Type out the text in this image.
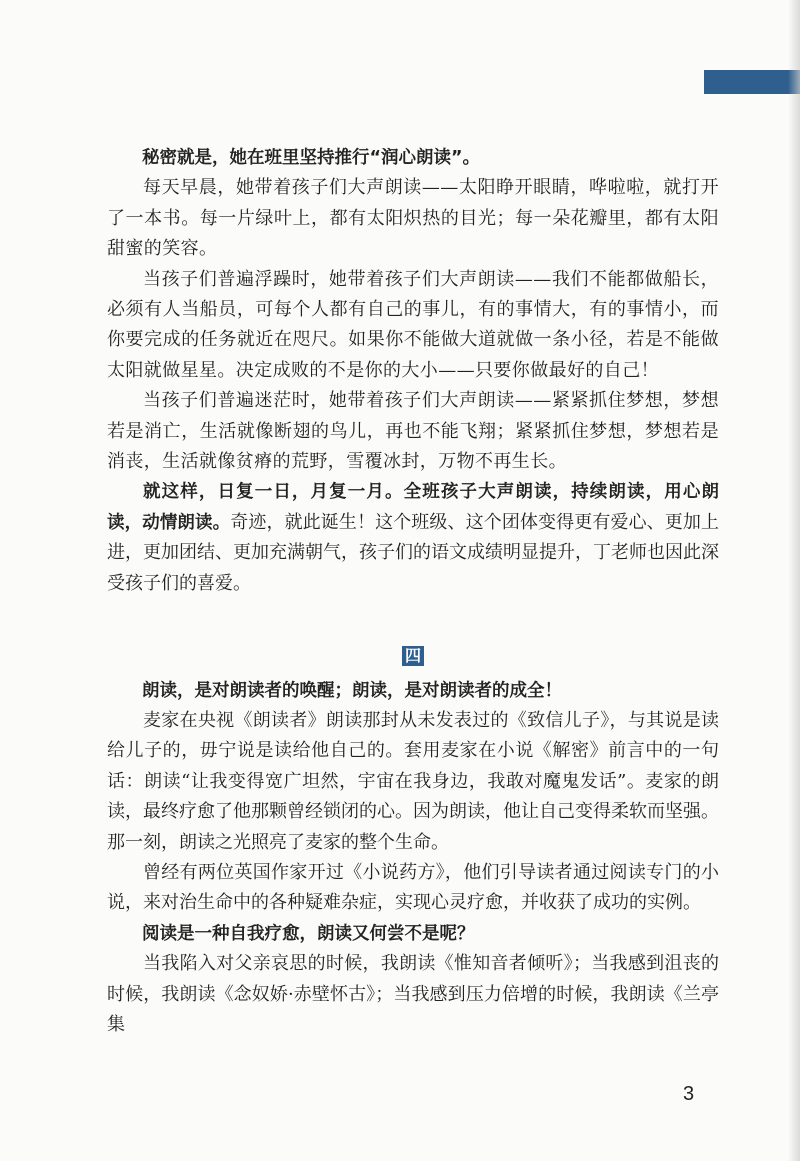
秘密就是，她在班里坚持推行“润心朗读”。

每天早晨，她带着孩子们大声朗读——太阳睁开眼睛，哗啦啦，就打开了一本书。每一片绿叶上，都有太阳炽热的目光；每一朵花瓣里，都有太阳甜蜜的笑容。

当孩子们普遍浮躁时，她带着孩子们大声朗读——我们不能都做船长，必须有人当船员，可每个人都有自己的事儿，有的事情大，有的事情小，而你要完成的任务就近在咫尺。如果你不能做大道就做一条小径，若是不能做太阳就做星星。决定成败的不是你的大小——只要你做最好的自己！

当孩子们普遍迷茫时，她带着孩子们大声朗读——紧紧抓住梦想，梦想若是消亡，生活就像断翅的鸟儿，再也不能飞翔；紧紧抓住梦想，梦想若是消丧，生活就像贫瘠的荒野，雪覆冰封，万物不再生长。

就这样，日复一日，月复一月。全班孩子大声朗读，持续朗读，用心朗读，动情朗读。奇迹，就此诞生！这个班级、这个团体变得更有爱心、更加上进，更加团结、更加充满朝气，孩子们的语文成绩明显提升，丁老师也因此深受孩子们的喜爱。

四

朗读，是对朗读者的唤醒；朗读，是对朗读者的成全！

麦家在央视《朗读者》朗读那封从未发表过的《致信儿子》，与其说是读给儿子的，毋宁说是读给他自己的。套用麦家在小说《解密》前言中的一句话：朗读“让我变得宽广坦然，宇宙在我身边，我敢对魔鬼发话”。麦家的朗读，最终疗愈了他那颗曾经锁闭的心。因为朗读，他让自己变得柔软而坚强。那一刻，朗读之光照亮了麦家的整个生命。

曾经有两位英国作家开过《小说药方》，他们引导读者通过阅读专门的小说，来对治生命中的各种疑难杂症，实现心灵疗愈，并收获了成功的实例。

阅读是一种自我疗愈，朗读又何尝不是呢？

当我陷入对父亲哀思的时候，我朗读《惟知音者倾听》；当我感到沮丧的时候，我朗读《念奴娇·赤壁怀古》；当我感到压力倍增的时候，我朗读《兰亭集

3
